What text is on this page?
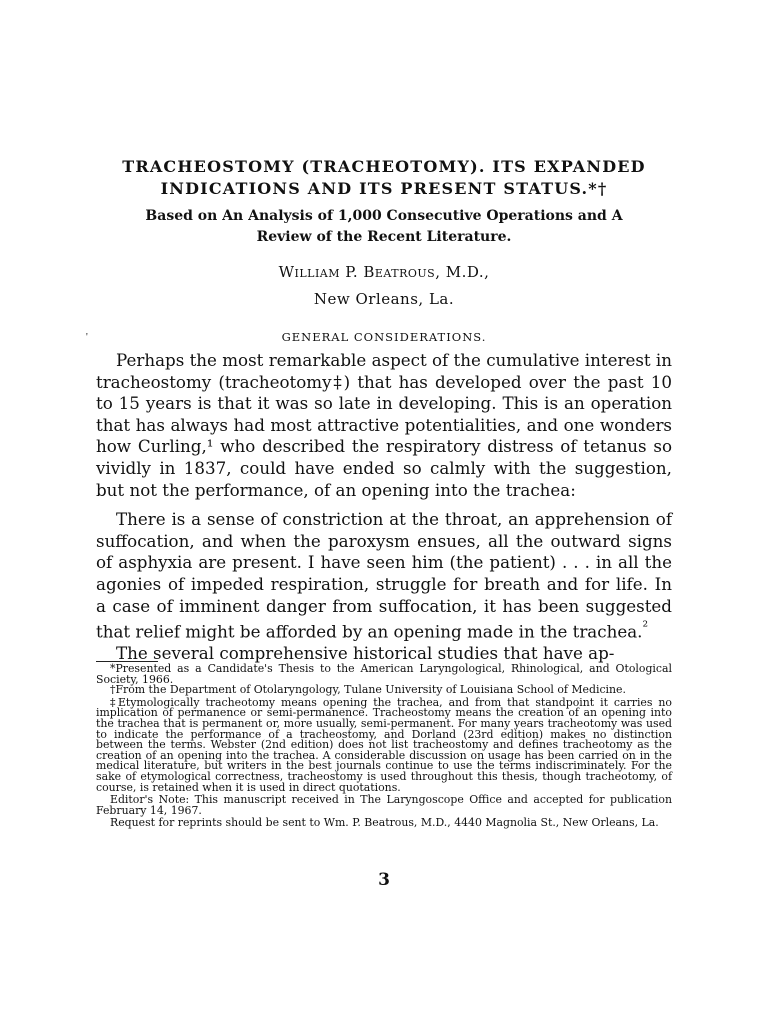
TRACHEOSTOMY (TRACHEOTOMY). ITS EXPANDED
INDICATIONS AND ITS PRESENT STATUS.*†
Based on An Analysis of 1,000 Consecutive Operations and A
Review of the Recent Literature.
William P. Beatrous, M.D.,
New Orleans, La.
'	GENERAL CONSIDERATIONS.

Perhaps the most remarkable aspect of the cumulative interest in tracheostomy (tracheotomy‡) that has developed over the past 10 to 15 years is that it was so late in developing. This is an operation that has always had most attractive potentialities, and one wonders how Curling,¹ who described the respiratory distress of tetanus so vividly in 1837, could have ended so calmly with the suggestion, but not the performance, of an opening into the trachea:

There is a sense of constriction at the throat, an apprehension of suffocation, and when the paroxysm ensues, all the outward signs of asphyxia are present. I have seen him (the patient) . . . in all the agonies of impeded respiration, struggle for breath and for life. In a case of imminent danger from suffocation, it has been suggested that relief might be afforded by an opening made in the trachea.$^{^2}$

The several comprehensive historical studies that have ap-

*Presented as a Candidate's Thesis to the American Laryngological, Rhinological, and Otological Society, 1966.

†From the Department of Otolaryngology, Tulane University of Louisiana School of Medicine.

‡Etymologically tracheotomy means opening the trachea, and from that standpoint it carries no implication of permanence or semi-permanence. Tracheostomy means the creation of an opening into the trachea that is permanent or, more usually, semi-permanent. For many years tracheotomy was used to indicate the performance of a tracheostomy, and Dorland (23rd edition) makes no distinction between the terms. Webster (2nd edition) does not list tracheostomy and defines tracheotomy as the creation of an opening into the trachea. A considerable discussion on usage has been carried on in the medical literature, but writers in the best journals continue to use the terms indiscriminately. For the sake of etymological correctness, tracheostomy is used throughout this thesis, though tracheotomy, of course, is retained when it is used in direct quotations.

Editor's Note: This manuscript received in The Laryngoscope Office and accepted for publication February 14, 1967.

Request for reprints should be sent to Wm. P. Beatrous, M.D., 4440 Magnolia St., New Orleans, La.

3
